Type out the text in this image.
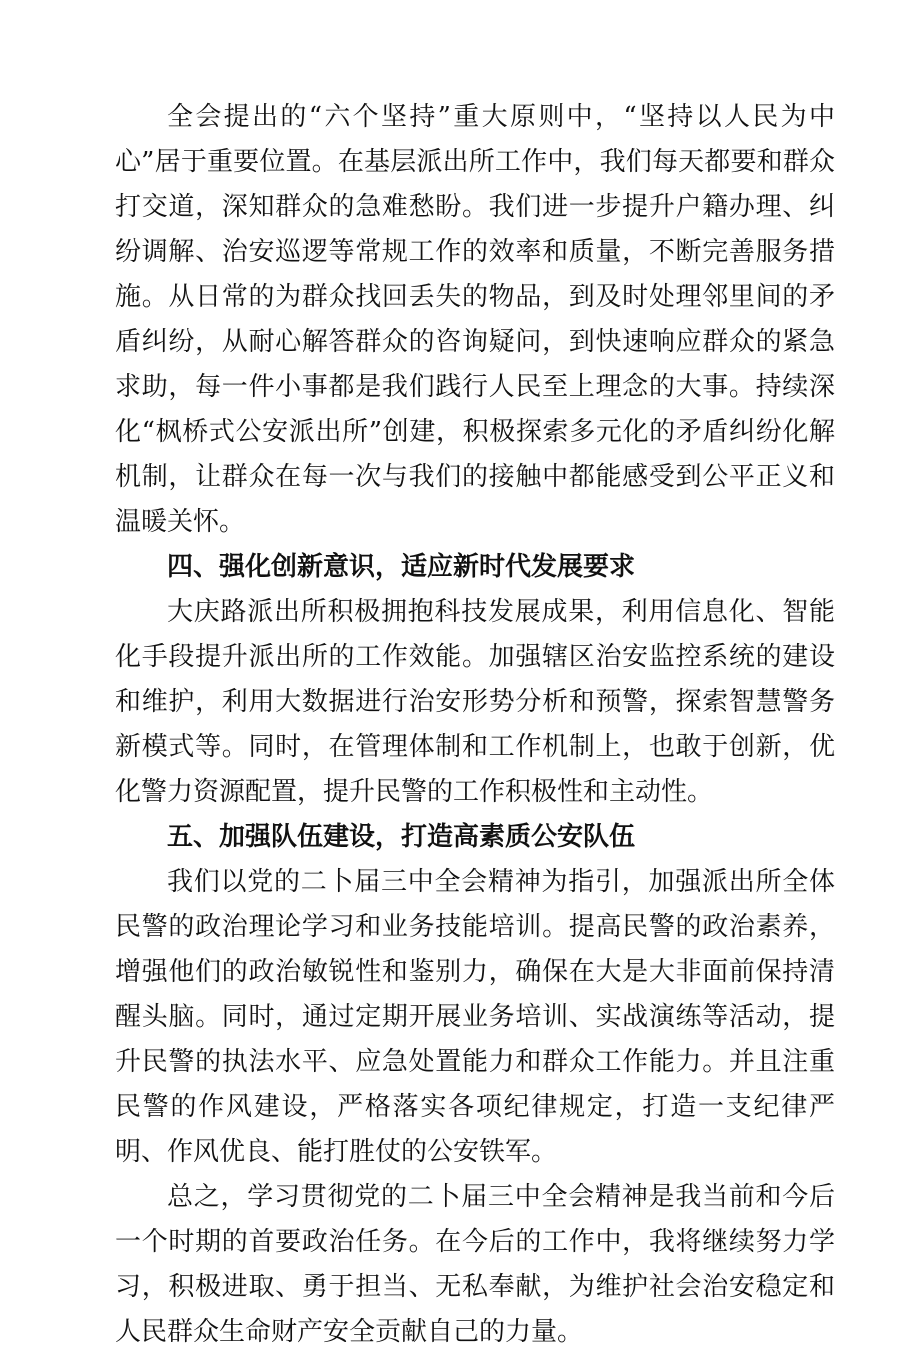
全会提出的“六个坚持”重大原则中，“坚持以人民为中心”居于重要位置。在基层派出所工作中，我们每天都要和群众打交道，深知群众的急难愁盼。我们进一步提升户籍办理、纠纷调解、治安巡逻等常规工作的效率和质量，不断完善服务措施。从日常的为群众找回丢失的物品，到及时处理邻里间的矛盾纠纷，从耐心解答群众的咨询疑问，到快速响应群众的紧急求助，每一件小事都是我们践行人民至上理念的大事。持续深化“枫桥式公安派出所”创建，积极探索多元化的矛盾纠纷化解机制，让群众在每一次与我们的接触中都能感受到公平正义和温暖关怀。

四、强化创新意识，适应新时代发展要求

大庆路派出所积极拥抱科技发展成果，利用信息化、智能化手段提升派出所的工作效能。加强辖区治安监控系统的建设和维护，利用大数据进行治安形势分析和预警，探索智慧警务新模式等。同时，在管理体制和工作机制上，也敢于创新，优化警力资源配置，提升民警的工作积极性和主动性。

五、加强队伍建设，打造高素质公安队伍

我们以党的二卜届三中全会精神为指引，加强派出所全体民警的政治理论学习和业务技能培训。提高民警的政治素养，增强他们的政治敏锐性和鉴别力，确保在大是大非面前保持清醒头脑。同时，通过定期开展业务培训、实战演练等活动，提升民警的执法水平、应急处置能力和群众工作能力。并且注重民警的作风建设，严格落实各项纪律规定，打造一支纪律严明、作风优良、能打胜仗的公安铁军。

总之，学习贯彻党的二卜届三中全会精神是我当前和今后一个时期的首要政治任务。在今后的工作中，我将继续努力学习，积极进取、勇于担当、无私奉献，为维护社会治安稳定和人民群众生命财产安全贡献自己的力量。
